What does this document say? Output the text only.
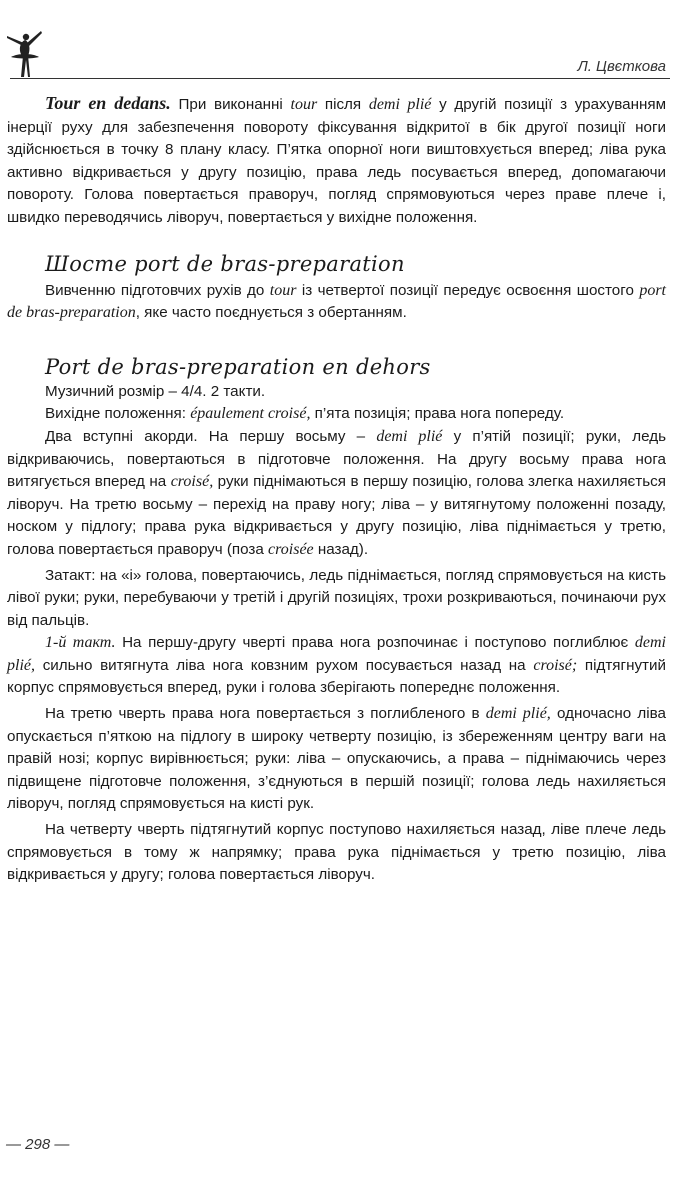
Л. Цвєткова

Tour en dedans. При виконанні tour після demi plié у другій позиції з урахуванням інерції руху для забезпечення повороту фіксування відкритої в бік другої позиції ноги здійснюється в точку 8 плану класу. П’ятка опорної ноги виштовхується вперед; ліва рука активно відкривається у другу позицію, права ледь посувається вперед, допомагаючи повороту. Голова повертається праворуч, погляд спрямовуються через праве плече і, швидко переводячись ліворуч, повертається у вихідне положення.

Шосте port de bras-preparation

Вивченню підготовчих рухів до tour із четвертої позиції передує освоєння шостого port de bras-preparation, яке часто поєднується з обертанням.

Port de bras-preparation en dehors

Музичний розмір – 4/4. 2 такти.

Вихідне положення: épaulement croisé, п’ята позиція; права нога попереду.

Два вступні акорди. На першу восьму – demi plié у п’ятій позиції; руки, ледь відкриваючись, повертаються в підготовче положення. На другу восьму права нога витягується вперед на croisé, руки піднімаються в першу позицію, голова злегка нахиляється ліворуч. На третю восьму – перехід на праву ногу; ліва – у витягнутому положенні позаду, носком у підлогу; права рука відкривається у другу позицію, ліва піднімається у третю, голова повертається праворуч (поза croisée назад).

Затакт: на «і» голова, повертаючись, ледь піднімається, погляд спрямовується на кисть лівої руки; руки, перебуваючи у третій і другій позиціях, трохи розкриваються, починаючи рух від пальців.

1-й такт. На першу-другу чверті права нога розпочинає і поступово поглиблює demi plié, сильно витягнута ліва нога ковзним рухом посувається назад на croisé; підтягнутий корпус спрямовується вперед, руки і голова зберігають попереднє положення.

На третю чверть права нога повертається з поглибленого в demi plié, одночасно ліва опускається п’яткою на підлогу в широку четверту позицію, із збереженням центру ваги на правій нозі; корпус вирівнюється; руки: ліва – опускаючись, а права – піднімаючись через підвищене підготовче положення, з’єднуються в першій позиції; голова ледь нахиляється ліворуч, погляд спрямовується на кисті рук.

На четверту чверть підтягнутий корпус поступово нахиляється назад, ліве плече ледь спрямовується в тому ж напрямку; права рука піднімається у третю позицію, ліва відкривається у другу; голова повертається ліворуч.

— 298 —
